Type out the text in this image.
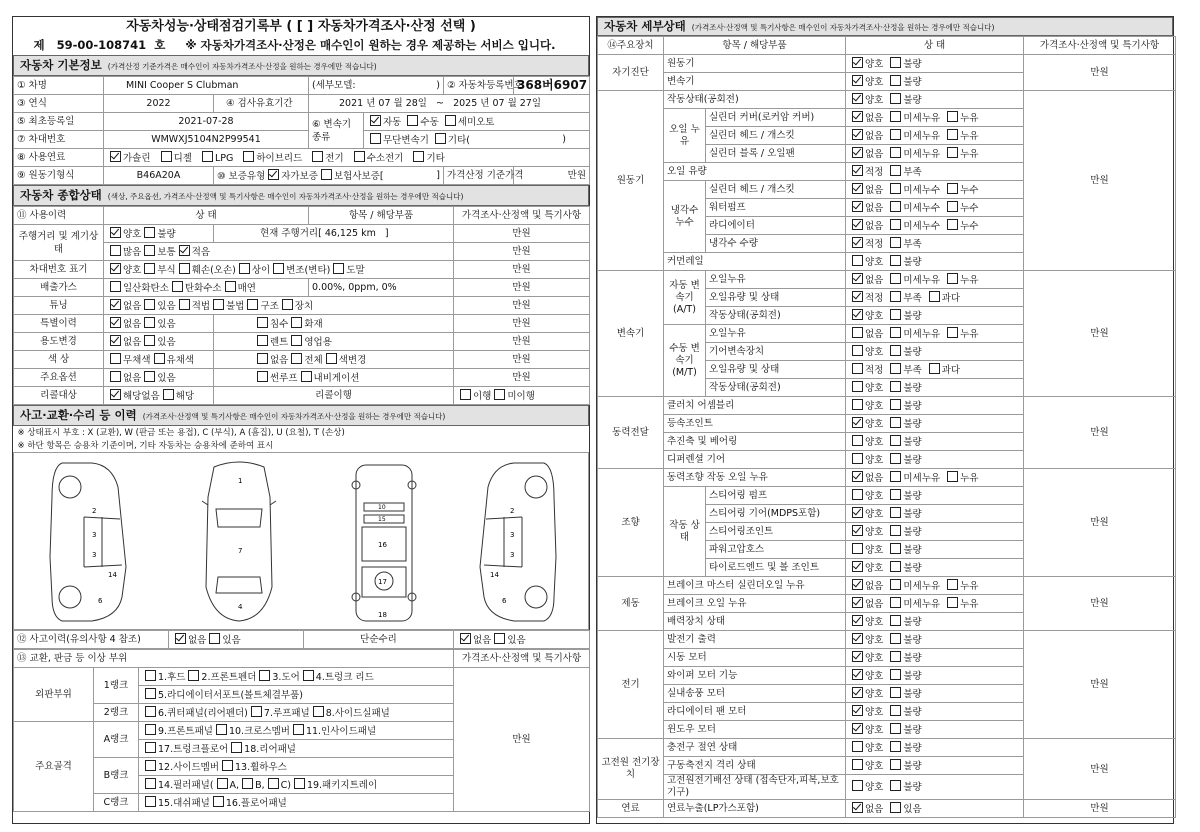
자동차성능·상태점검기록부 ( [ ] 자동차가격조사·산정 선택 )
제 59-00-108741 호 ※ 자동차가격조사·산정은 매수인이 원하는 경우 제공하는 서비스 입니다.
자동차 기본정보 (가격산정 기준가격은 매수인이 자동차가격조사·산정을 원하는 경우에만 적습니다)
① 차명	MINI Cooper S Clubman		(세부모델: )		② 자동차등록번호	368버6907
③ 연식	2022	④ 검사유효기간	2021 년 07 월 28일 ~ 2025 년 07 월 27일			
⑤ 최초등록일	2021-07-28		⑥ 변속기 종류	자동 수동 세미오토		
⑦ 차대번호	WMWXJ5104N2P99541			무단변속기 기타( )		

⑧ 사용연료	가솔린 디젤 LPG 하이브리드 전기 수소전기 기타					
⑨ 원동기형식	B46A20A	⑩ 보증유형 자가보증 보험사보증[ ]			가격산정 기준가격	만원
자동차 종합상태 (색상, 주요옵션, 가격조사·산정액 및 특기사항은 매수인이 자동차가격조사·산정을 원하는 경우에만 적습니다)
⑪ 사용이력	상 태		항목 / 해당부품	가격조사·산정액 및 특기사항
주행거리 및 계기상태	양호 불량	현재 주행거리[ 46,125 km ]		만원
	많음 보통 적음			만원
차대번호 표기	양호 부식 훼손(오손) 상이 변조(변타) 도말			만원
배출가스	일산화탄소 탄화수소 매연		0.00%, 0ppm, 0%	만원
튜닝	없음 있음 적법 불법 구조 장치			만원
특별이력	없음 있음	침수 화재		만원
용도변경	없음 있음	렌트 영업용		만원
색 상	무채색 유채색	없음 전체 색변경		만원
주요옵션	없음 있음	썬루프 내비게이션		만원
리콜대상	해당없음 해당	리콜이행		이행 미이행
사고·교환·수리 등 이력 (가격조사·산정액 및 특기사항은 매수인이 자동차가격조사·산정을 원하는 경우에만 적습니다)
※ 상태표시 부호 : X (교환), W (판금 또는 용접), C (부식), A (흠집), U (요철), T (손상)
※ 하단 항목은 승용차 기준이며, 기타 자동차는 승용차에 준하여 표시

2
3
3
14
6
1
7
4
10
15
16
17
18
2
3
3
14
6
⑫ 사고이력(유의사항 4 참조)	없음 있음	단순수리	없음 있음
⑬ 교환, 판금 등 이상 부위			가격조사·산정액 및 특기사항
외판부위	1랭크	1.후드 2.프론트펜더 3.도어 4.트렁크 리드	만원
		5.라디에이터서포트(볼트체결부품)	
	2랭크	6.퀴터패널(리어펜더) 7.루프패널 8.사이드실패널	
주요골격	A랭크	9.프론트패널 10.크로스멤버 11.인사이드패널	
		17.트렁크플로어 18.리어패널	
	B랭크	12.사이드멤버 13.휠하우스	
		14.필러패널( A, B, C) 19.패키지트레이	
	C랭크	15.대쉬패널 16.플로어패널	

자동차 세부상태 (가격조사·산정액 및 특기사항은 매수인이 자동차가격조사·산정을 원하는 경우에만 적습니다)
⑭주요장치	항목 / 해당부품		상 태	가격조사·산정액 및 특기사항
자기진단	원동기		양호 불량	만원
	변속기		양호 불량	
원동기	작동상태(공회전)		양호 불량	만원
	오일 누유	실린더 커버(로커암 커버)	없음 미세누유 누유	
		실린더 헤드 / 개스킷	없음 미세누유 누유	
		실린더 블록 / 오일팬	없음 미세누유 누유	
	오일 유량		적정 부족	
	냉각수 누수	실린더 헤드 / 개스킷	없음 미세누수 누수	
		워터펌프	없음 미세누수 누수	
		라디에이터	없음 미세누수 누수	
		냉각수 수량	적정 부족	
	커먼레일		양호 불량	
변속기	자동 변속기 (A/T)	오일누유	없음 미세누유 누유	만원
		오일유량 및 상태	적정 부족 과다	
		작동상태(공회전)	양호 불량	
	수동 변속기 (M/T)	오일누유	없음 미세누유 누유	
		기어변속장치	양호 불량	
		오일유량 및 상태	적정 부족 과다	
		작동상태(공회전)	양호 불량	
동력전달	클러치 어셈블리		양호 불량	만원
	등속조인트		양호 불량	
	추진축 및 베어링		양호 불량	
	디퍼렌셜 기어		양호 불량	
조향	동력조향 작동 오일 누유		없음 미세누유 누유	만원
	작동 상태	스티어링 펌프	양호 불량	
		스티어링 기어(MDPS포함)	양호 불량	
		스티어링조인트	양호 불량	
		파워고압호스	양호 불량	
		타이로드엔드 및 볼 조인트	양호 불량	
제동	브레이크 마스터 실린더오일 누유		없음 미세누유 누유	만원
	브레이크 오일 누유		없음 미세누유 누유	
	배력장치 상태		양호 불량	
전기	발전기 출력		양호 불량	만원
	시동 모터		양호 불량	
	와이퍼 모터 기능		양호 불량	
	실내송풍 모터		양호 불량	
	라디에이터 팬 모터		양호 불량	
	윈도우 모터		양호 불량	
고전원 전기장치	충전구 절연 상태		양호 불량	만원
	구동축전지 격리 상태		양호 불량	
	고전원전기배선 상태 (접속단자,피복,보호기구)		양호 불량	
연료	연료누출(LP가스포함)		없음 있음	만원
